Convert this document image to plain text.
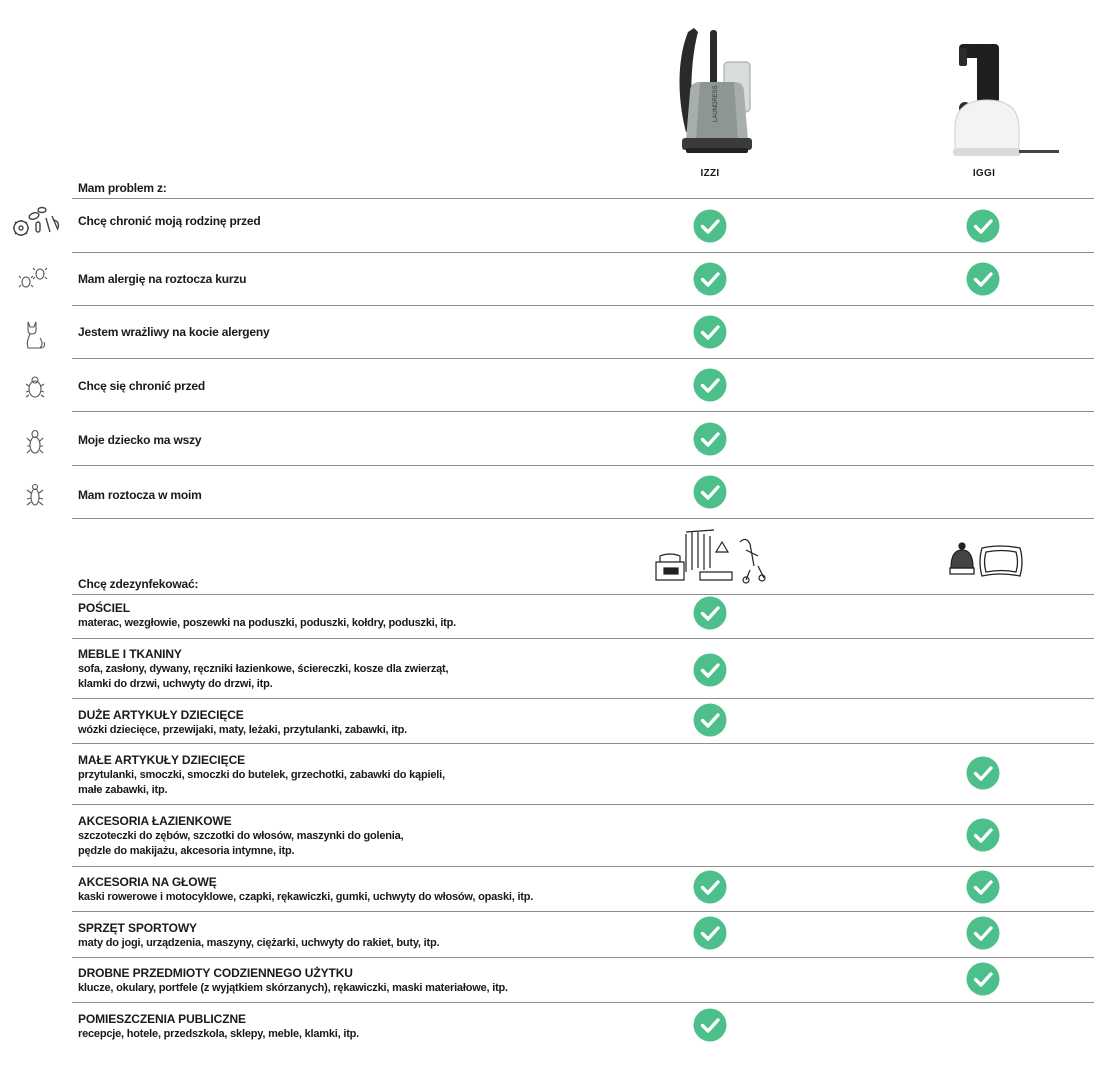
LAUNDRESS
IZZI	IGGI
Mam problem z:
Chcę chronić moją rodzinę przed
Mam alergię na roztocza kurzu
Jestem wrażliwy na kocie alergeny
Chcę się chronić przed
Moje dziecko ma wszy
Mam roztocza w moim
Chcę zdezynfekować:
POŚCIEL
materac, wezgłowie, poszewki na poduszki, poduszki, kołdry, poduszki, itp.
MEBLE I TKANINY
sofa, zasłony, dywany, ręczniki łazienkowe, ściereczki, kosze dla zwierząt,
klamki do drzwi, uchwyty do drzwi, itp.
DUŻE ARTYKUŁY DZIECIĘCE
wózki dziecięce, przewijaki, maty, leżaki, przytulanki, zabawki, itp.
MAŁE ARTYKUŁY DZIECIĘCE
przytulanki, smoczki, smoczki do butelek, grzechotki, zabawki do kąpieli,
małe zabawki, itp.
AKCESORIA ŁAZIENKOWE
szczoteczki do zębów, szczotki do włosów, maszynki do golenia,
pędzle do makijażu, akcesoria intymne, itp.
AKCESORIA NA GŁOWĘ
kaski rowerowe i motocyklowe, czapki, rękawiczki, gumki, uchwyty do włosów, opaski, itp.
SPRZĘT SPORTOWY
maty do jogi, urządzenia, maszyny, ciężarki, uchwyty do rakiet, buty, itp.
DROBNE PRZEDMIOTY CODZIENNEGO UŻYTKU
klucze, okulary, portfele (z wyjątkiem skórzanych), rękawiczki, maski materiałowe, itp.
POMIESZCZENIA PUBLICZNE
recepcje, hotele, przedszkola, sklepy, meble, klamki, itp.
